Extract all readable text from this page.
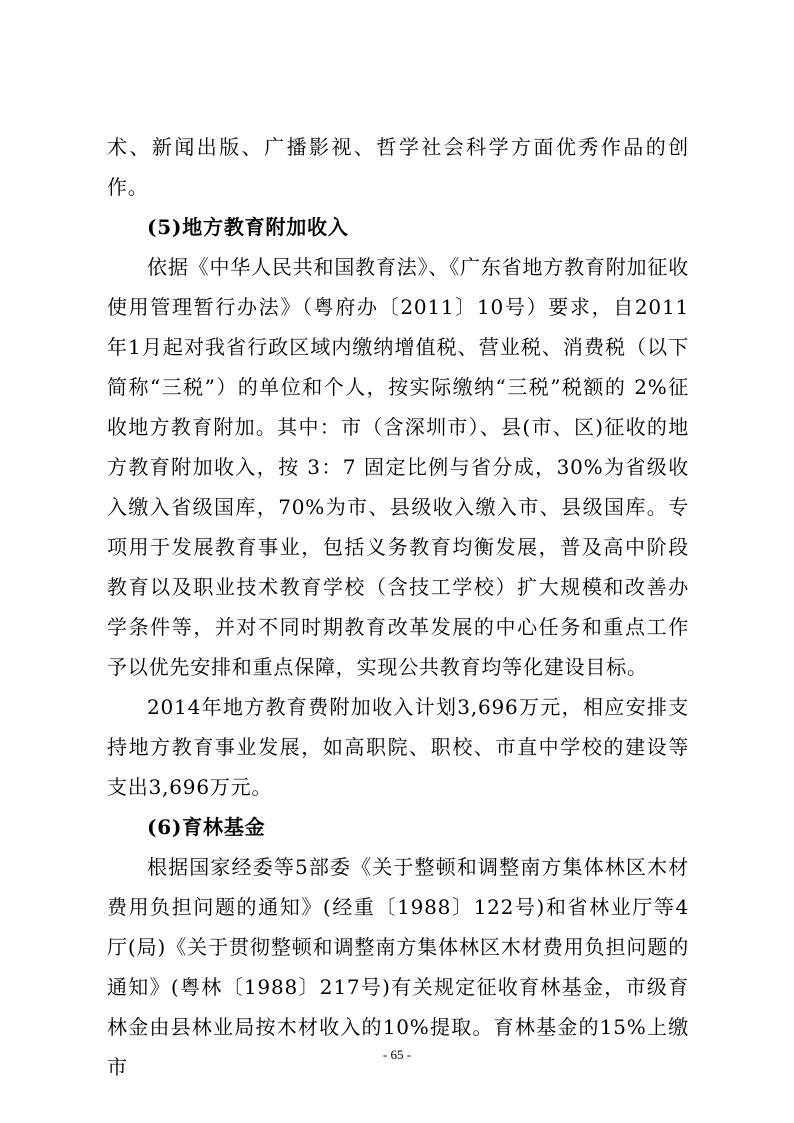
术、新闻出版、广播影视、哲学社会科学方面优秀作品的创作。

(5)地方教育附加收入

依据《中华人民共和国教育法》、《广东省地方教育附加征收使用管理暂行办法》（粤府办〔2011〕10号）要求，自2011年1月起对我省行政区域内缴纳增值税、营业税、消费税（以下简称“三税”）的单位和个人，按实际缴纳“三税”税额的 2%征收地方教育附加。其中：市（含深圳市）、县(市、区)征收的地方教育附加收入，按 3：7 固定比例与省分成，30%为省级收入缴入省级国库，70%为市、县级收入缴入市、县级国库。专项用于发展教育事业，包括义务教育均衡发展，普及高中阶段教育以及职业技术教育学校（含技工学校）扩大规模和改善办学条件等，并对不同时期教育改革发展的中心任务和重点工作予以优先安排和重点保障，实现公共教育均等化建设目标。

2014年地方教育费附加收入计划3,696万元，相应安排支持地方教育事业发展，如高职院、职校、市直中学校的建设等支出3,696万元。

(6)育林基金

根据国家经委等5部委《关于整顿和调整南方集体林区木材费用负担问题的通知》(经重〔1988〕122号)和省林业厅等4厅(局)《关于贯彻整顿和调整南方集体林区木材费用负担问题的通知》(粤林〔1988〕217号)有关规定征收育林基金，市级育林金由县林业局按木材收入的10%提取。育林基金的15%上缴市

- 65 -
